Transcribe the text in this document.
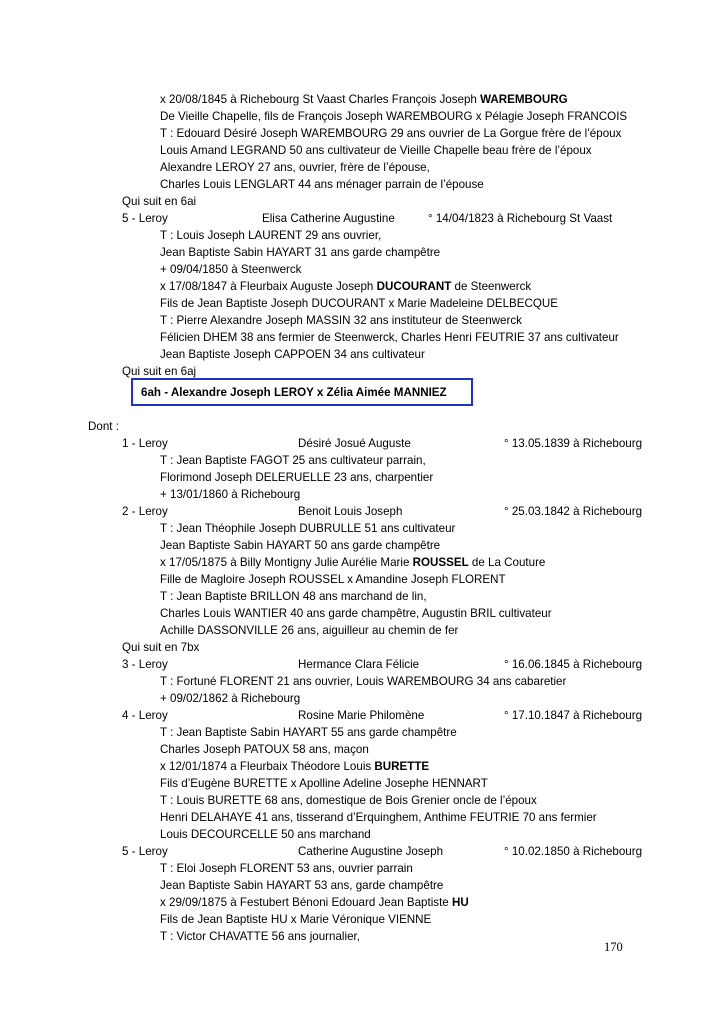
x 20/08/1845 à Richebourg St Vaast Charles François Joseph WAREMBOURG
De Vieille Chapelle, fils de François Joseph WAREMBOURG x Pélagie Joseph FRANCOIS
T : Edouard Désiré Joseph WAREMBOURG 29 ans ouvrier de La Gorgue frère de l’époux
Louis Amand LEGRAND 50 ans cultivateur de Vieille Chapelle beau frère de l’époux
Alexandre LEROY 27 ans, ouvrier, frère de l’épouse,
Charles Louis LENGLART 44 ans ménager parrain de l’épouse
Qui suit en 6ai
5 - Leroy	Elisa Catherine Augustine	° 14/04/1823 à Richebourg St Vaast
T : Louis Joseph LAURENT 29 ans ouvrier,
Jean Baptiste Sabin HAYART 31 ans garde champêtre
+ 09/04/1850 à Steenwerck
x 17/08/1847 à Fleurbaix Auguste Joseph DUCOURANT de Steenwerck
Fils de Jean Baptiste Joseph DUCOURANT x Marie Madeleine DELBECQUE
T : Pierre Alexandre Joseph MASSIN 32 ans instituteur de Steenwerck
Félicien DHEM 38 ans fermier de Steenwerck, Charles Henri FEUTRIE 37 ans cultivateur
Jean Baptiste Joseph CAPPOEN 34 ans cultivateur
Qui suit en 6aj
6ah - Alexandre Joseph LEROY x Zélia Aimée MANNIEZ
Dont :
1 - Leroy	Désiré Josué Auguste	° 13.05.1839 à Richebourg
T : Jean Baptiste FAGOT 25 ans cultivateur parrain,
Florimond Joseph DELERUELLE 23 ans, charpentier
+ 13/01/1860 à Richebourg
2 - Leroy	Benoit Louis Joseph	° 25.03.1842 à Richebourg
T : Jean Théophile Joseph DUBRULLE 51 ans cultivateur
Jean Baptiste Sabin HAYART 50 ans garde champêtre
x 17/05/1875 à Billy Montigny Julie Aurélie Marie ROUSSEL de La Couture
Fille de Magloire Joseph ROUSSEL x Amandine Joseph FLORENT
T : Jean Baptiste BRILLON 48 ans marchand de lin,
Charles Louis WANTIER 40 ans garde champêtre, Augustin BRIL cultivateur
Achille DASSONVILLE 26 ans, aiguilleur au chemin de fer
Qui suit en 7bx
3 - Leroy	Hermance Clara Félicie	° 16.06.1845 à Richebourg
T : Fortuné FLORENT 21 ans ouvrier, Louis WAREMBOURG 34 ans cabaretier
+ 09/02/1862 à Richebourg
4 - Leroy	Rosine Marie Philomène	° 17.10.1847 à Richebourg
T : Jean Baptiste Sabin HAYART 55 ans garde champêtre
Charles Joseph PATOUX 58 ans, maçon
x 12/01/1874 a Fleurbaix Théodore Louis BURETTE
Fils d’Eugène BURETTE x Apolline Adeline Josephe HENNART
T : Louis BURETTE 68 ans, domestique de Bois Grenier oncle de l’époux
Henri DELAHAYE 41 ans, tisserand d’Erquinghem, Anthime FEUTRIE 70 ans fermier
Louis DECOURCELLE 50 ans marchand
5 - Leroy	Catherine Augustine Joseph	° 10.02.1850 à Richebourg
T : Eloi Joseph FLORENT 53 ans, ouvrier parrain
Jean Baptiste Sabin HAYART 53 ans, garde champêtre
x 29/09/1875 à Festubert Bénoni Edouard Jean Baptiste HU
Fils de Jean Baptiste HU x Marie Véronique VIENNE
T : Victor CHAVATTE 56 ans journalier,
170
